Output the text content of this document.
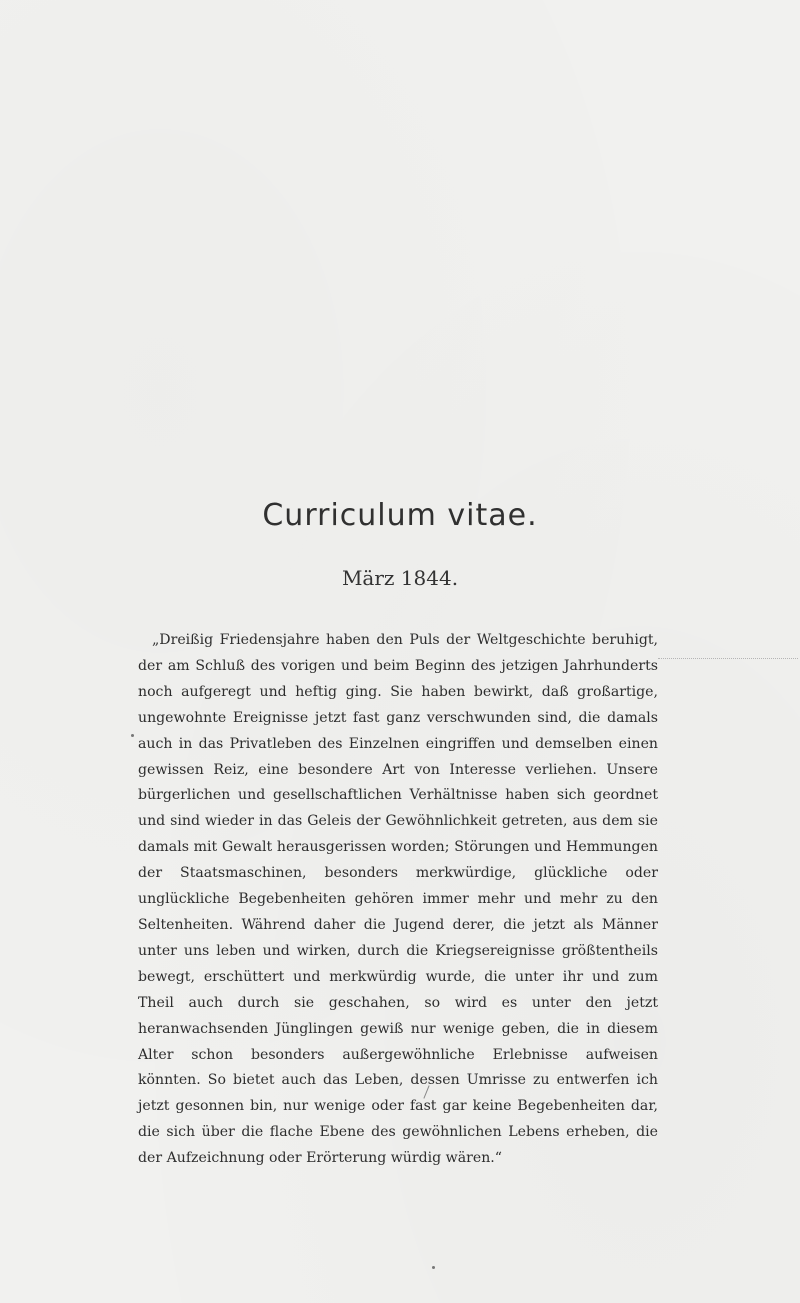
Curriculum vitae.
März 1844.

„Dreißig Friedensjahre haben den Puls der Weltgeschichte beruhigt, der am Schluß des vorigen und beim Beginn des jetzigen Jahrhunderts noch aufgeregt und heftig ging. Sie haben bewirkt, daß großartige, ungewohnte Ereignisse jetzt fast ganz verschwunden sind, die damals auch in das Privatleben des Einzelnen eingriffen und demselben einen gewissen Reiz, eine besondere Art von Interesse verliehen. Unsere bürgerlichen und gesellschaftlichen Verhältnisse haben sich geordnet und sind wieder in das Geleis der Gewöhnlichkeit getreten, aus dem sie damals mit Gewalt herausgerissen worden; Störungen und Hemmungen der Staatsmaschinen, besonders merkwürdige, glückliche oder unglückliche Begebenheiten gehören immer mehr und mehr zu den Seltenheiten. Während daher die Jugend derer, die jetzt als Männer unter uns leben und wirken, durch die Kriegsereignisse größtentheils bewegt, erschüttert und merkwürdig wurde, die unter ihr und zum Theil auch durch sie geschahen, so wird es unter den jetzt heranwachsenden Jünglingen gewiß nur wenige geben, die in diesem Alter schon besonders außergewöhnliche Erlebnisse aufweisen könnten. So bietet auch das Leben, dessen Umrisse zu entwerfen ich jetzt gesonnen bin, nur wenige oder fast gar keine Begebenheiten dar, die sich über die flache Ebene des gewöhnlichen Lebens erheben, die der Aufzeichnung oder Erörterung würdig wären.“
